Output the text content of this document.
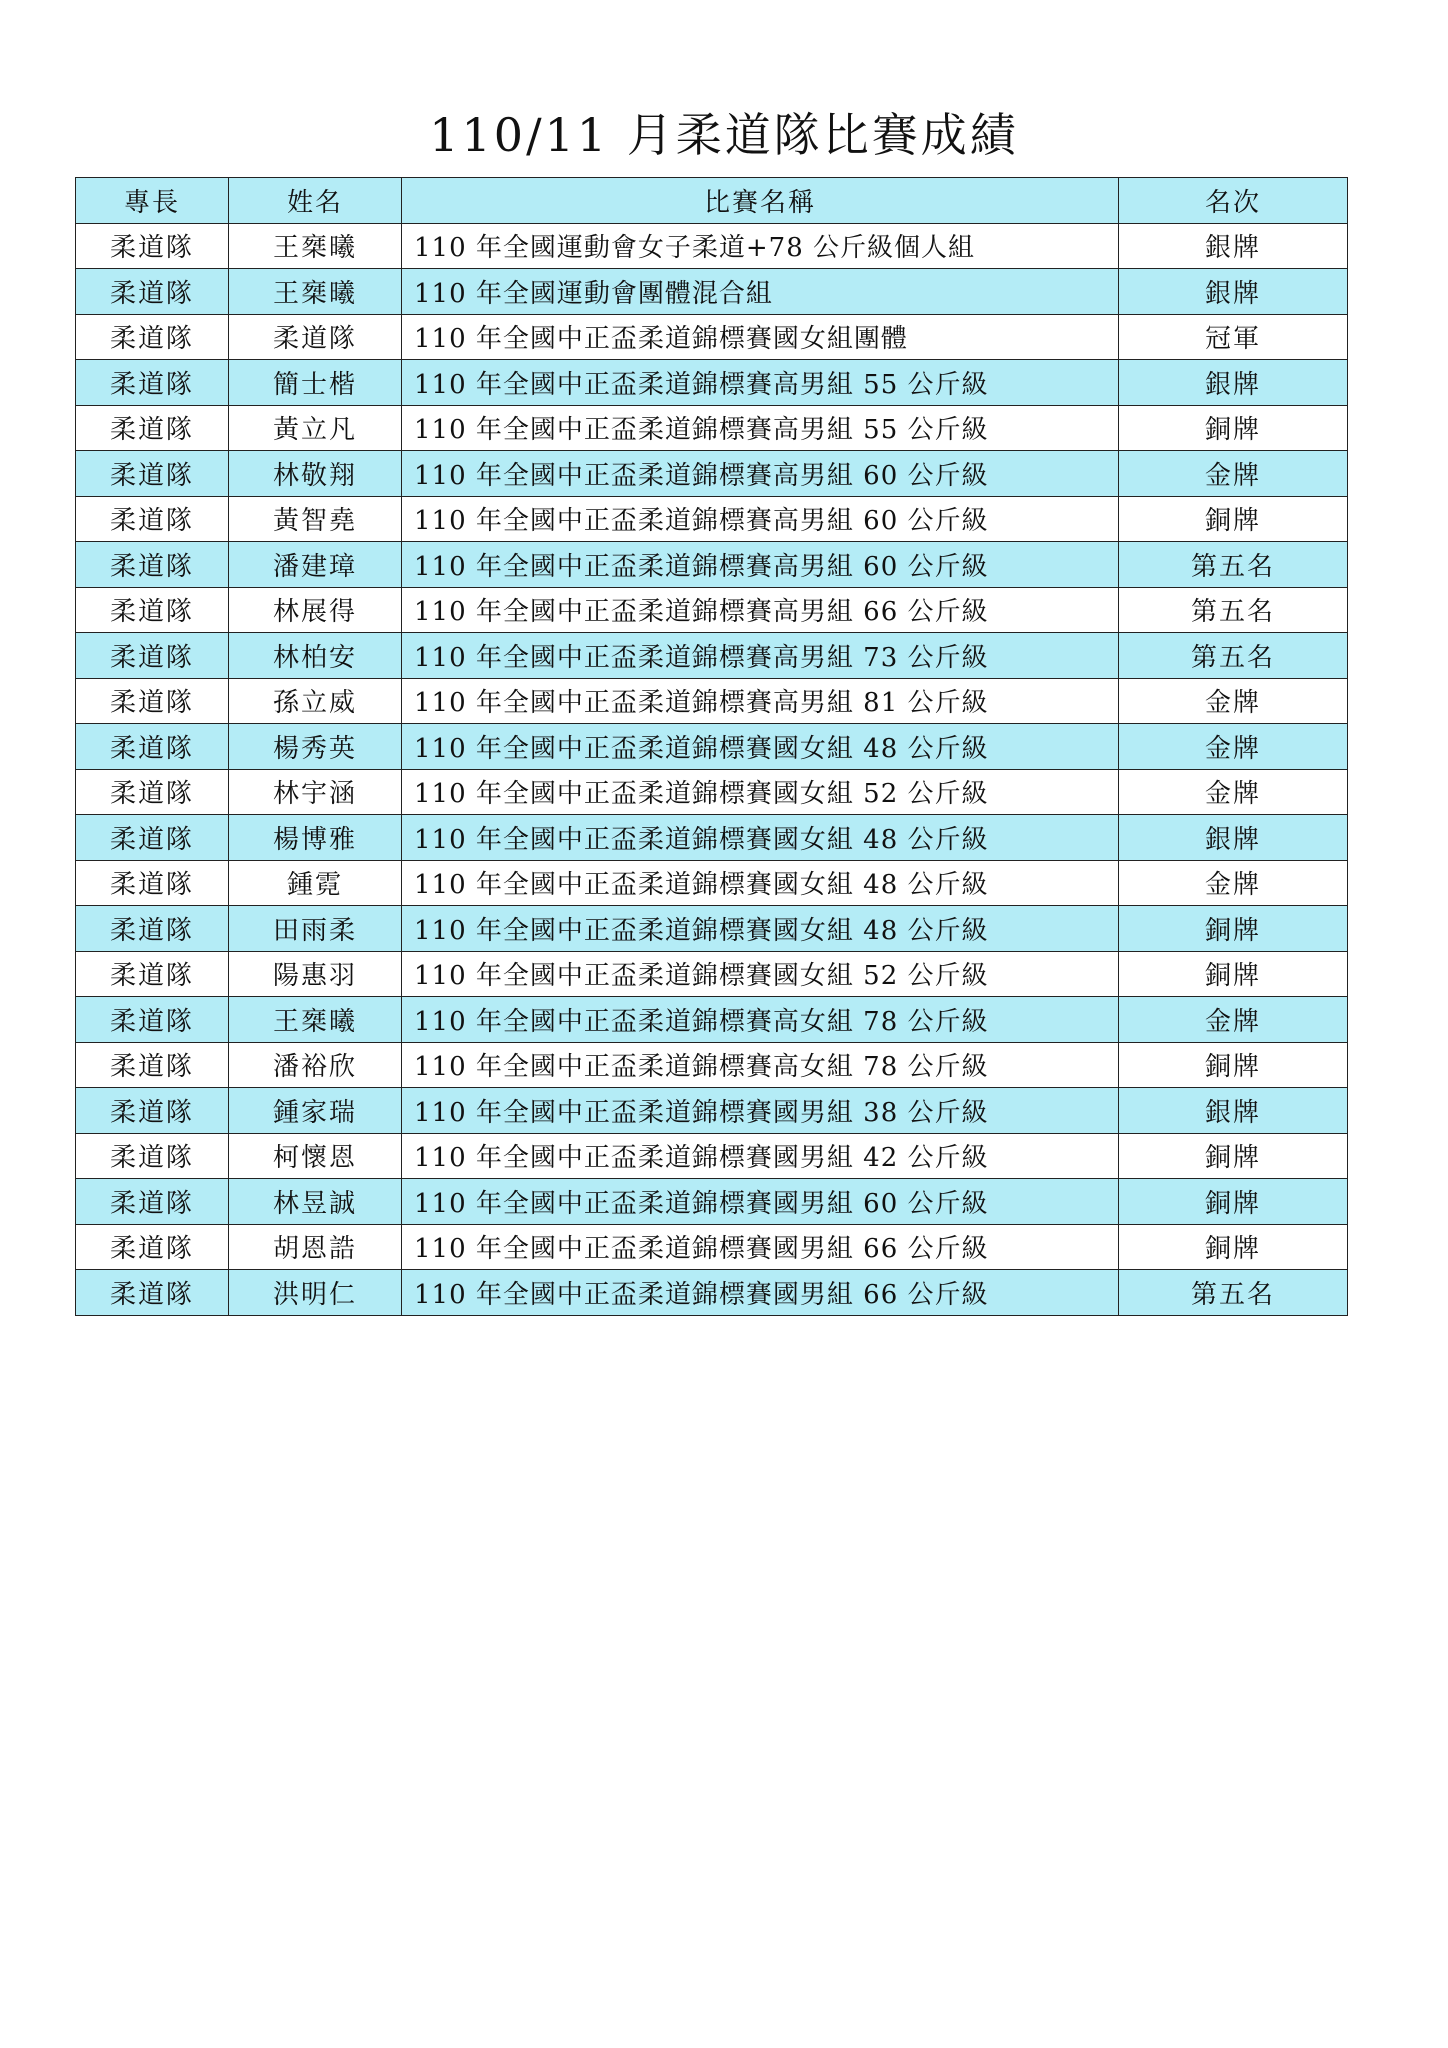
110/11 月柔道隊比賽成績
專長	姓名	比賽名稱	名次
柔道隊	王椉曦	110 年全國運動會女子柔道+78 公斤級個人組	銀牌
柔道隊	王椉曦	110 年全國運動會團體混合組	銀牌
柔道隊	柔道隊	110 年全國中正盃柔道錦標賽國女組團體	冠軍
柔道隊	簡士楷	110 年全國中正盃柔道錦標賽高男組 55 公斤級	銀牌
柔道隊	黃立凡	110 年全國中正盃柔道錦標賽高男組 55 公斤級	銅牌
柔道隊	林敬翔	110 年全國中正盃柔道錦標賽高男組 60 公斤級	金牌
柔道隊	黃智堯	110 年全國中正盃柔道錦標賽高男組 60 公斤級	銅牌
柔道隊	潘建璋	110 年全國中正盃柔道錦標賽高男組 60 公斤級	第五名
柔道隊	林展得	110 年全國中正盃柔道錦標賽高男組 66 公斤級	第五名
柔道隊	林柏安	110 年全國中正盃柔道錦標賽高男組 73 公斤級	第五名
柔道隊	孫立威	110 年全國中正盃柔道錦標賽高男組 81 公斤級	金牌
柔道隊	楊秀英	110 年全國中正盃柔道錦標賽國女組 48 公斤級	金牌
柔道隊	林宇涵	110 年全國中正盃柔道錦標賽國女組 52 公斤級	金牌
柔道隊	楊博雅	110 年全國中正盃柔道錦標賽國女組 48 公斤級	銀牌
柔道隊	鍾霓	110 年全國中正盃柔道錦標賽國女組 48 公斤級	金牌
柔道隊	田雨柔	110 年全國中正盃柔道錦標賽國女組 48 公斤級	銅牌
柔道隊	陽惠羽	110 年全國中正盃柔道錦標賽國女組 52 公斤級	銅牌
柔道隊	王椉曦	110 年全國中正盃柔道錦標賽高女組 78 公斤級	金牌
柔道隊	潘裕欣	110 年全國中正盃柔道錦標賽高女組 78 公斤級	銅牌
柔道隊	鍾家瑞	110 年全國中正盃柔道錦標賽國男組 38 公斤級	銀牌
柔道隊	柯懷恩	110 年全國中正盃柔道錦標賽國男組 42 公斤級	銅牌
柔道隊	林昱誠	110 年全國中正盃柔道錦標賽國男組 60 公斤級	銅牌
柔道隊	胡恩誥	110 年全國中正盃柔道錦標賽國男組 66 公斤級	銅牌
柔道隊	洪明仁	110 年全國中正盃柔道錦標賽國男組 66 公斤級	第五名
